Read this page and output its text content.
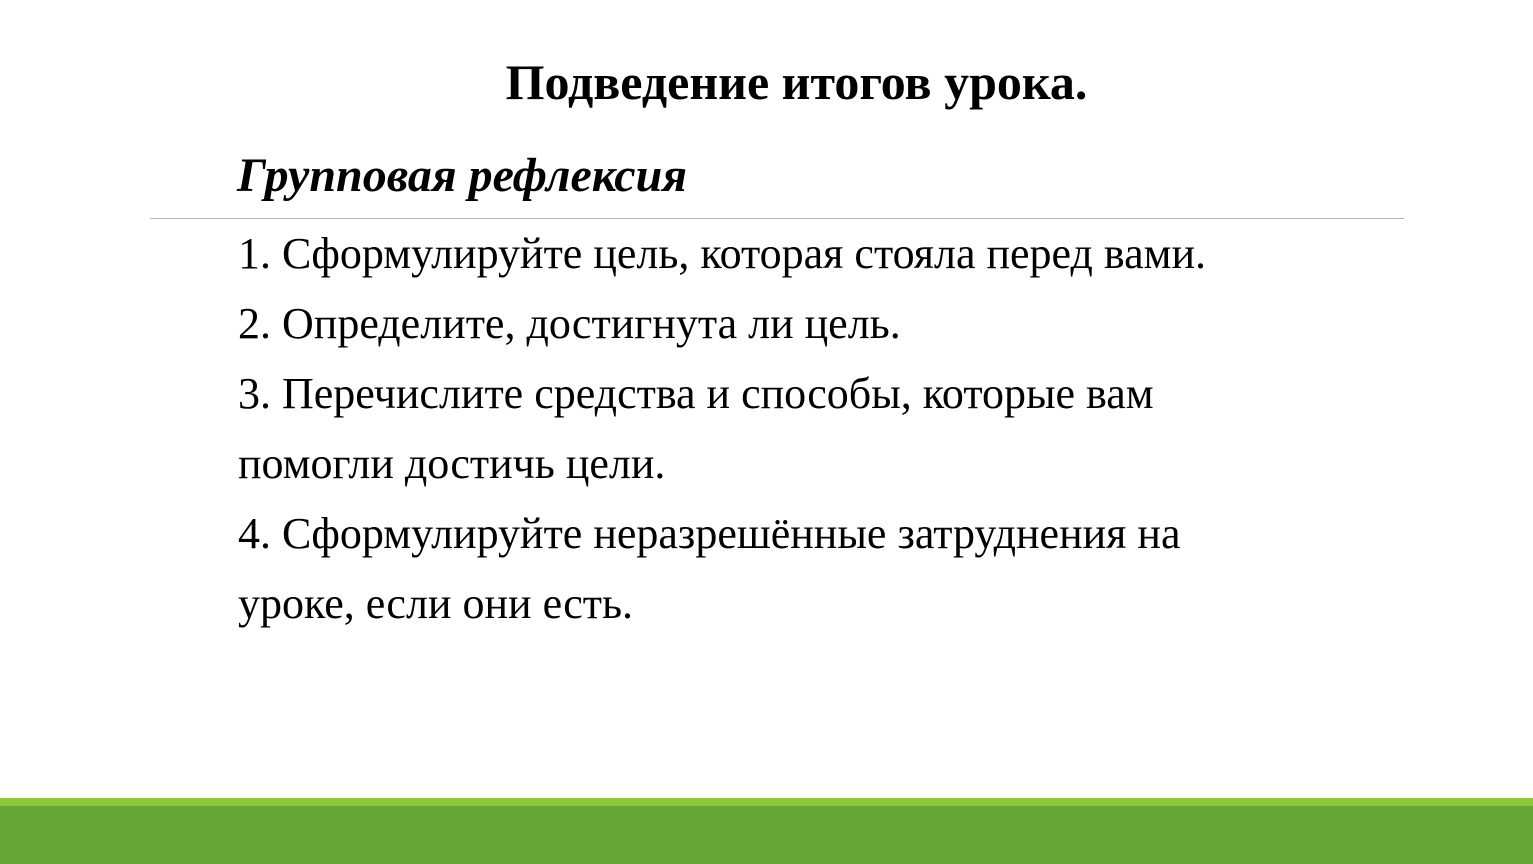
Подведение итогов урока.
Групповая рефлексия
1. Сформулируйте цель, которая стояла перед вами.
2. Определите, достигнута ли цель.
3. Перечислите средства и способы, которые вам помогли достичь цели.
4. Сформулируйте неразрешённые затруднения на уроке, если они есть.
